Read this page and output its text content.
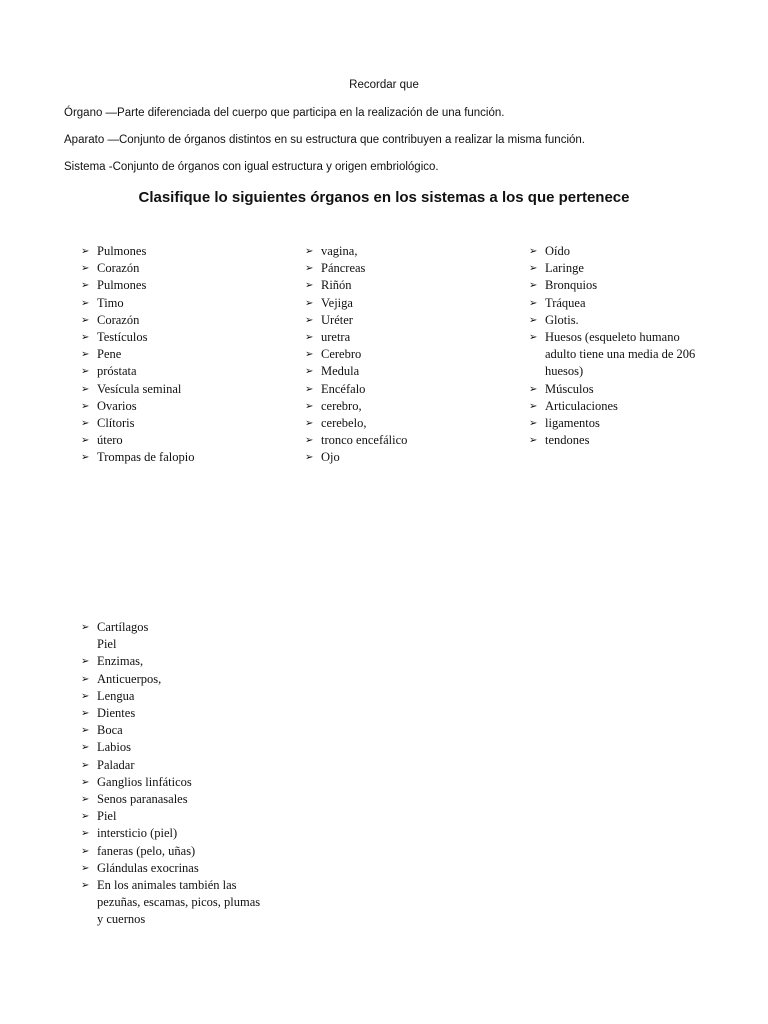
Recordar que
Órgano —Parte diferenciada del cuerpo que participa en la realización de una función.
Aparato —Conjunto de órganos distintos en su estructura que contribuyen a realizar la misma función.
Sistema -Conjunto de órganos con igual estructura y origen embriológico.
Clasifique lo siguientes órganos en los sistemas a los que pertenece
➢ Pulmones
➢ Corazón
➢ Pulmones
➢ Timo
➢ Corazón
➢ Testículos
➢ Pene
➢ próstata
➢ Vesícula seminal
➢ Ovarios
➢ Clítoris
➢ útero
➢ Trompas de falopio
➢ vagina,
➢ Páncreas
➢ Riñón
➢ Vejiga
➢ Uréter
➢ uretra
➢ Cerebro
➢ Medula
➢ Encéfalo
➢ cerebro,
➢ cerebelo,
➢ tronco encefálico
➢ Ojo
➢ Oído
➢ Laringe
➢ Bronquios
➢ Tráquea
➢ Glotis.
➢ Huesos (esqueleto humano adulto tiene una media de 206 huesos)
➢ Músculos
➢ Articulaciones
➢ ligamentos
➢ tendones
➢ Cartílagos
Piel
➢ Enzimas,
➢ Anticuerpos,
➢ Lengua
➢ Dientes
➢ Boca
➢ Labios
➢ Paladar
➢ Ganglios linfáticos
➢ Senos paranasales
➢ Piel
➢ intersticio (piel)
➢ faneras (pelo, uñas)
➢ Glándulas exocrinas
➢ En los animales también las pezuñas, escamas, picos, plumas y cuernos
